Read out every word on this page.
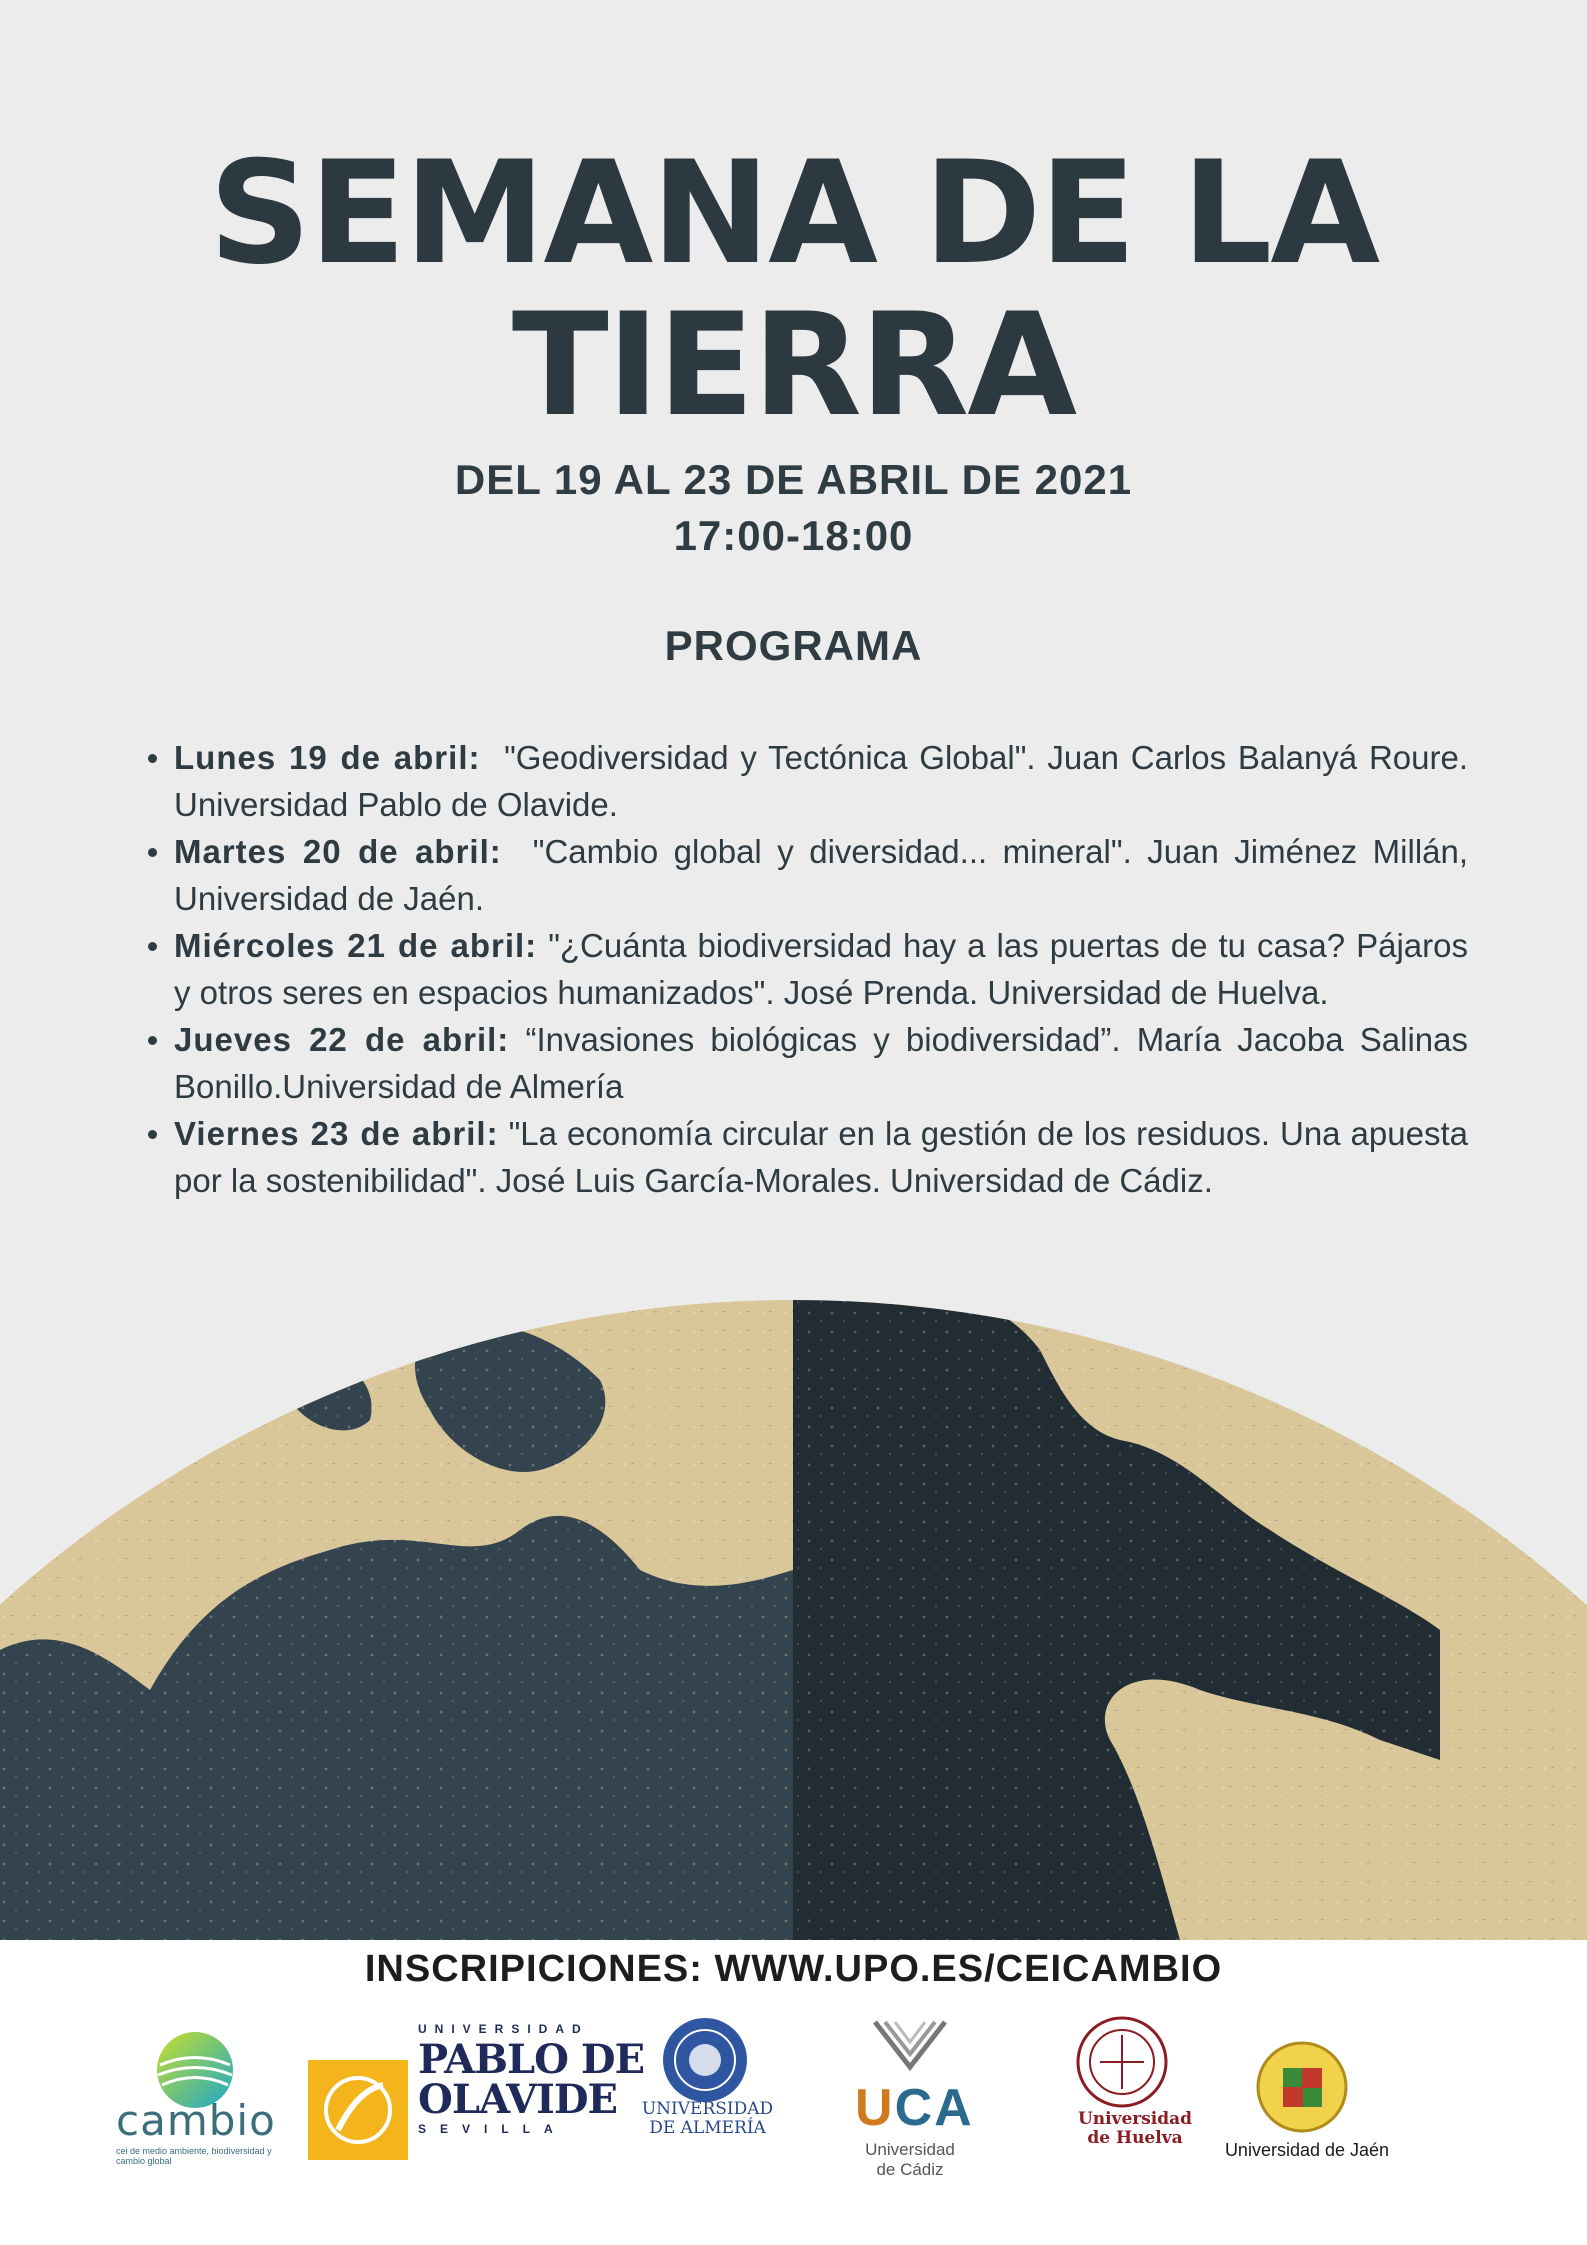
SEMANA DE LA
TIERRA
DEL 19 AL 23 DE ABRIL DE 2021
17:00-18:00
PROGRAMA
Lunes 19 de abril: "Geodiversidad y Tectónica Global". Juan Carlos Balanyá Roure. Universidad Pablo de Olavide.
Martes 20 de abril: "Cambio global y diversidad... mineral". Juan Jiménez Millán, Universidad de Jaén.
Miércoles 21 de abril: "¿Cuánta biodiversidad hay a las puertas de tu casa? Pájaros y otros seres en espacios humanizados". José Prenda. Universidad de Huelva.
Jueves 22 de abril: “Invasiones biológicas y biodiversidad”. María Jacoba Salinas Bonillo.Universidad de Almería
Viernes 23 de abril: "La economía circular en la gestión de los residuos. Una apuesta por la sostenibilidad". José Luis García-Morales. Universidad de Cádiz.
INSCRIPICIONES: WWW.UPO.ES/CEICAMBIO
cambio
cei de medio ambiente, biodiversidad y cambio global
UNIVERSIDAD
PABLO DE
OLAVIDE
SEVILLA
UNIVERSIDAD
DE ALMERÍA UCA
Universidad
de Cádiz
Universidad
de Huelva
Universidad de Jaén
